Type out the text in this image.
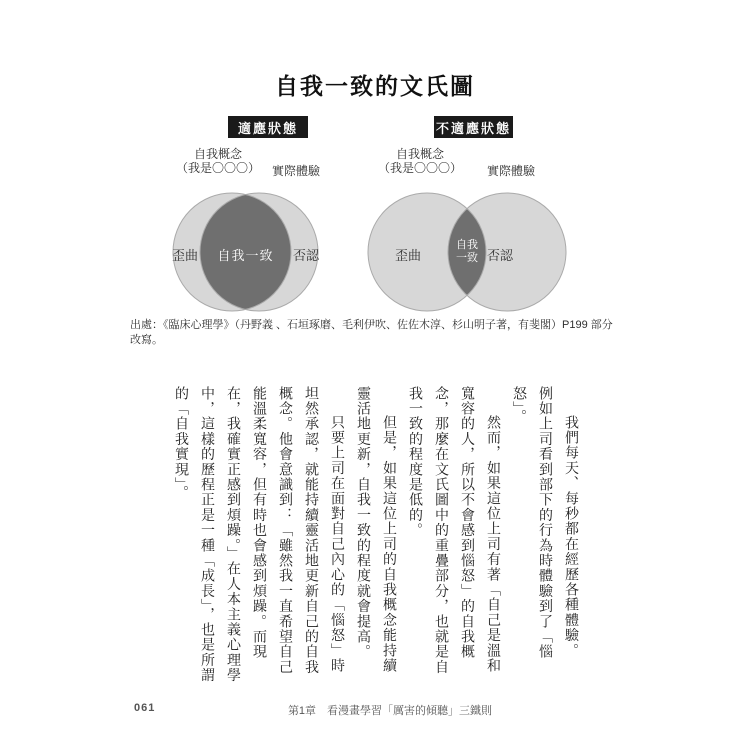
自我一致的文氏圖
適應狀態	不適應狀態
自我概念
（我是〇〇〇） 實際體驗
自我概念
（我是〇〇〇）	實際體驗
歪曲	自我一致	否認	歪曲
自我
一致 否認
出處：《臨床心理學》（丹野義 、石垣琢磨、毛利伊吹、佐佐木淳、杉山明子著，有斐閣）P199 部分
改寫。
我們每天、每秒都在經歷各種體驗。
例如上司看到部下的行為時體驗到了「惱
怒」。
然而，如果這位上司有著「自己是溫和
寬容的人，所以不會感到惱怒」的自我概
念，那麼在文氏圖中的重疊部分，也就是自
我一致的程度是低的。
但是，如果這位上司的自我概念能持續
靈活地更新，自我一致的程度就會提高。
只要上司在面對自己內心的「惱怒」時
坦然承認，就能持續靈活地更新自己的自我
概念。他會意識到：「雖然我一直希望自己
能溫柔寬容，但有時也會感到煩躁。而現
在，我確實正感到煩躁。」在人本主義心理學
中，這樣的歷程正是一種「成長」，也是所謂
的「自我實現」。
061	第1章　看漫畫學習「厲害的傾聽」三鐵則
